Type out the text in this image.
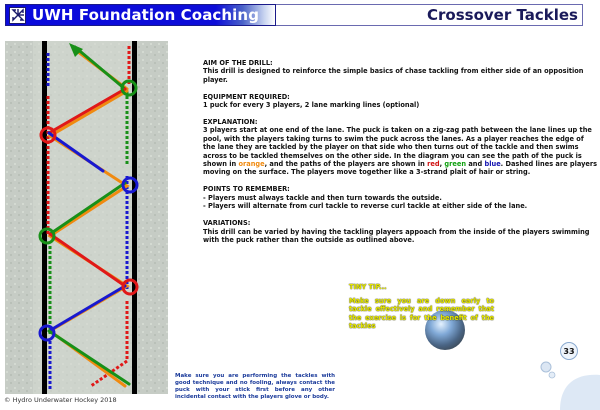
UWH Foundation Coaching	Crossover Tackles
© Hydro Underwater Hockey 2018
AIM OF THE DRILL:
This drill is designed to reinforce the simple basics of chase tackling from either side of an opposition player.
EQUIPMENT REQUIRED:
1 puck for every 3 players, 2 lane marking lines (optional)
EXPLANATION:
3 players start at one end of the lane. The puck is taken on a zig-zag path between the lane lines up the pool, with the players taking turns to swim the puck across the lanes. As a player reaches the edge of the lane they are tackled by the player on that side who then turns out of the tackle and then swims across to be tackled themselves on the other side. In the diagram you can see the path of the puck is shown in orange, and the paths of the players are shown in red, green and blue. Dashed lines are players moving on the surface. The players move together like a 3-strand plait of hair or string.
POINTS TO REMEMBER:
- Players must always tackle and then turn towards the outside.
- Players will alternate from curl tackle to reverse curl tackle at either side of the lane.
VARIATIONS:
This drill can be varied by having the tackling players appoach from the inside of the players swimming with the puck rather than the outside as outlined above.
TINY TIP...
Make sure you are down early to tackle effectively and remember that the exercise is for the benefit of the tackles
Make sure you are performing the tackles with good technique and no fooling, always contact the puck with your stick first before any other incidental contact with the players glove or body.
33
